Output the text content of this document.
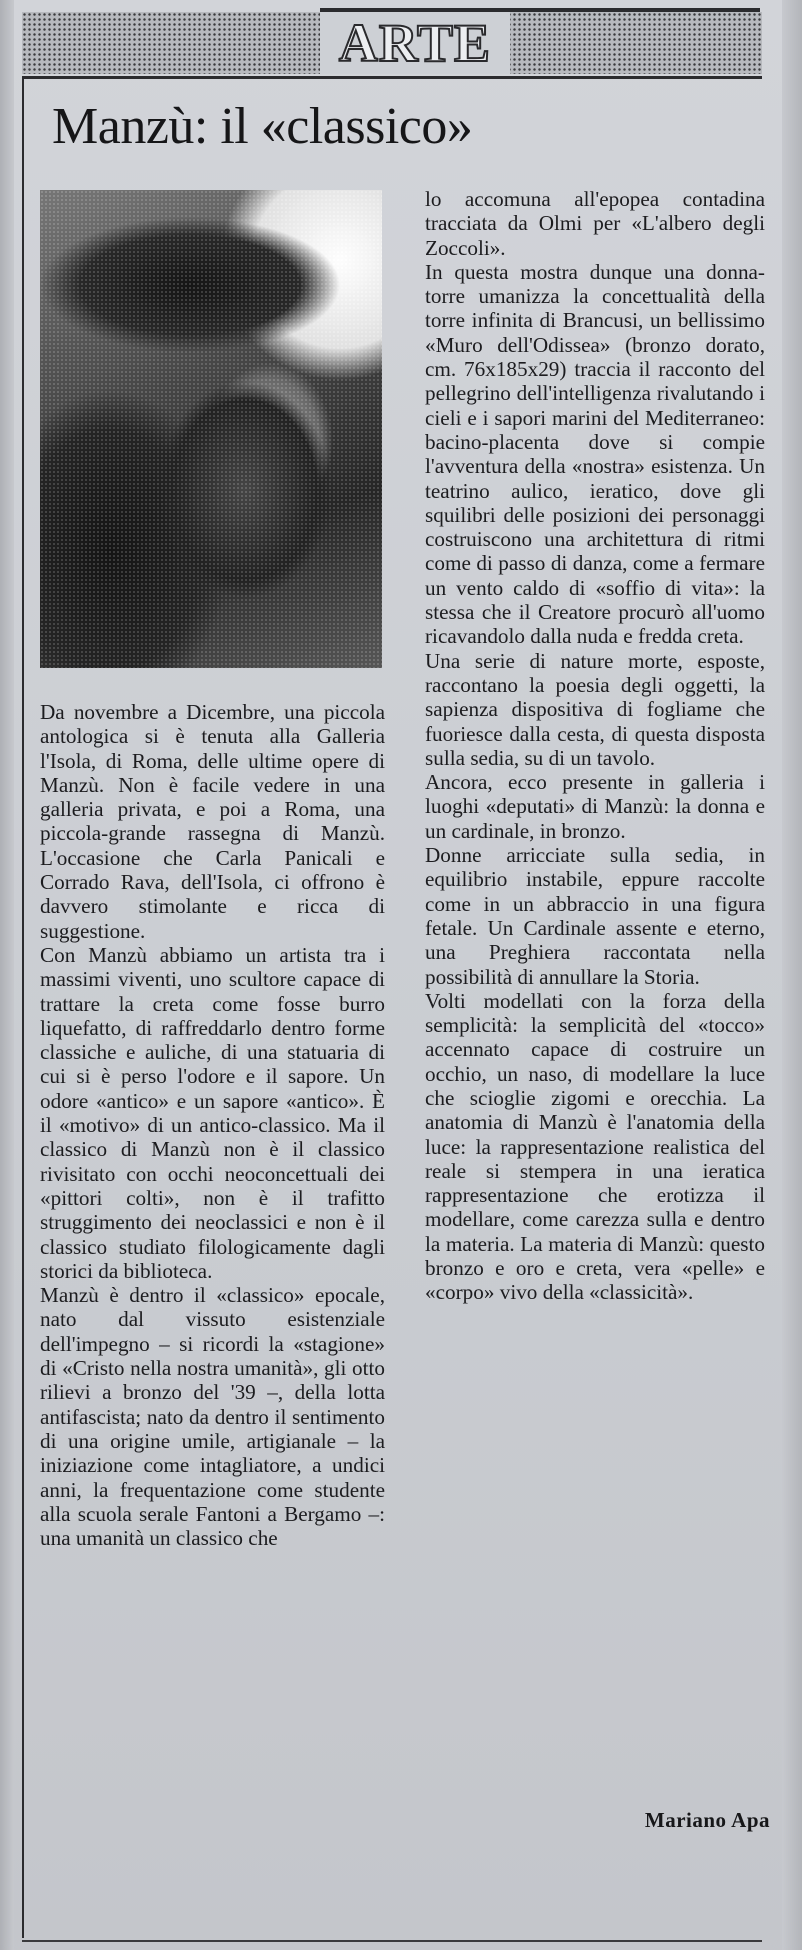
ARTE
Manzù: il «classico»

Da novembre a Dicembre, una piccola antologica si è tenuta alla Galleria l'Isola, di Roma, delle ultime opere di Manzù. Non è facile vedere in una galleria privata, e poi a Roma, una piccola-grande rassegna di Manzù. L'occasione che Carla Panicali e Corrado Rava, dell'Isola, ci offrono è davvero stimolante e ricca di suggestione.

Con Manzù abbiamo un artista tra i massimi viventi, uno scultore capace di trattare la creta come fosse burro liquefatto, di raffreddarlo dentro forme classiche e auliche, di una statuaria di cui si è perso l'odore e il sapore. Un odore «antico» e un sapore «antico». È il «motivo» di un antico-classico. Ma il classico di Manzù non è il classico rivisitato con occhi neoconcettuali dei «pittori colti», non è il trafitto struggimento dei neoclassici e non è il classico studiato filologicamente dagli storici da biblioteca.

Manzù è dentro il «classico» epocale, nato dal vissuto esistenziale dell'impegno – si ricordi la «stagione» di «Cristo nella nostra umanità», gli otto rilievi a bronzo del '39 –, della lotta antifascista; nato da dentro il sentimento di una origine umile, artigianale – la iniziazione come intagliatore, a undici anni, la frequentazione come studente alla scuola serale Fantoni a Bergamo –: una umanità un classico che

lo accomuna all'epopea contadina tracciata da Olmi per «L'albero degli Zoccoli».

In questa mostra dunque una donna-torre umanizza la concettualità della torre infinita di Brancusi, un bellissimo «Muro dell'Odissea» (bronzo dorato, cm. 76x185x29) traccia il racconto del pellegrino dell'intelligenza rivalutando i cieli e i sapori marini del Mediterraneo: bacino-placenta dove si compie l'avventura della «nostra» esistenza. Un teatrino aulico, ieratico, dove gli squilibri delle posizioni dei personaggi costruiscono una architettura di ritmi come di passo di danza, come a fermare un vento caldo di «soffio di vita»: la stessa che il Creatore procurò all'uomo ricavandolo dalla nuda e fredda creta.

Una serie di nature morte, esposte, raccontano la poesia degli oggetti, la sapienza dispositiva di fogliame che fuoriesce dalla cesta, di questa disposta sulla sedia, su di un tavolo.

Ancora, ecco presente in galleria i luoghi «deputati» di Manzù: la donna e un cardinale, in bronzo.

Donne arricciate sulla sedia, in equilibrio instabile, eppure raccolte come in un abbraccio in una figura fetale. Un Cardinale assente e eterno, una Preghiera raccontata nella possibilità di annullare la Storia.

Volti modellati con la forza della semplicità: la semplicità del «tocco» accennato capace di costruire un occhio, un naso, di modellare la luce che scioglie zigomi e orecchia. La anatomia di Manzù è l'anatomia della luce: la rappresentazione realistica del reale si stempera in una ieratica rappresentazione che erotizza il modellare, come carezza sulla e dentro la materia. La materia di Manzù: questo bronzo e oro e creta, vera «pelle» e «corpo» vivo della «classicità».

Mariano Apa
